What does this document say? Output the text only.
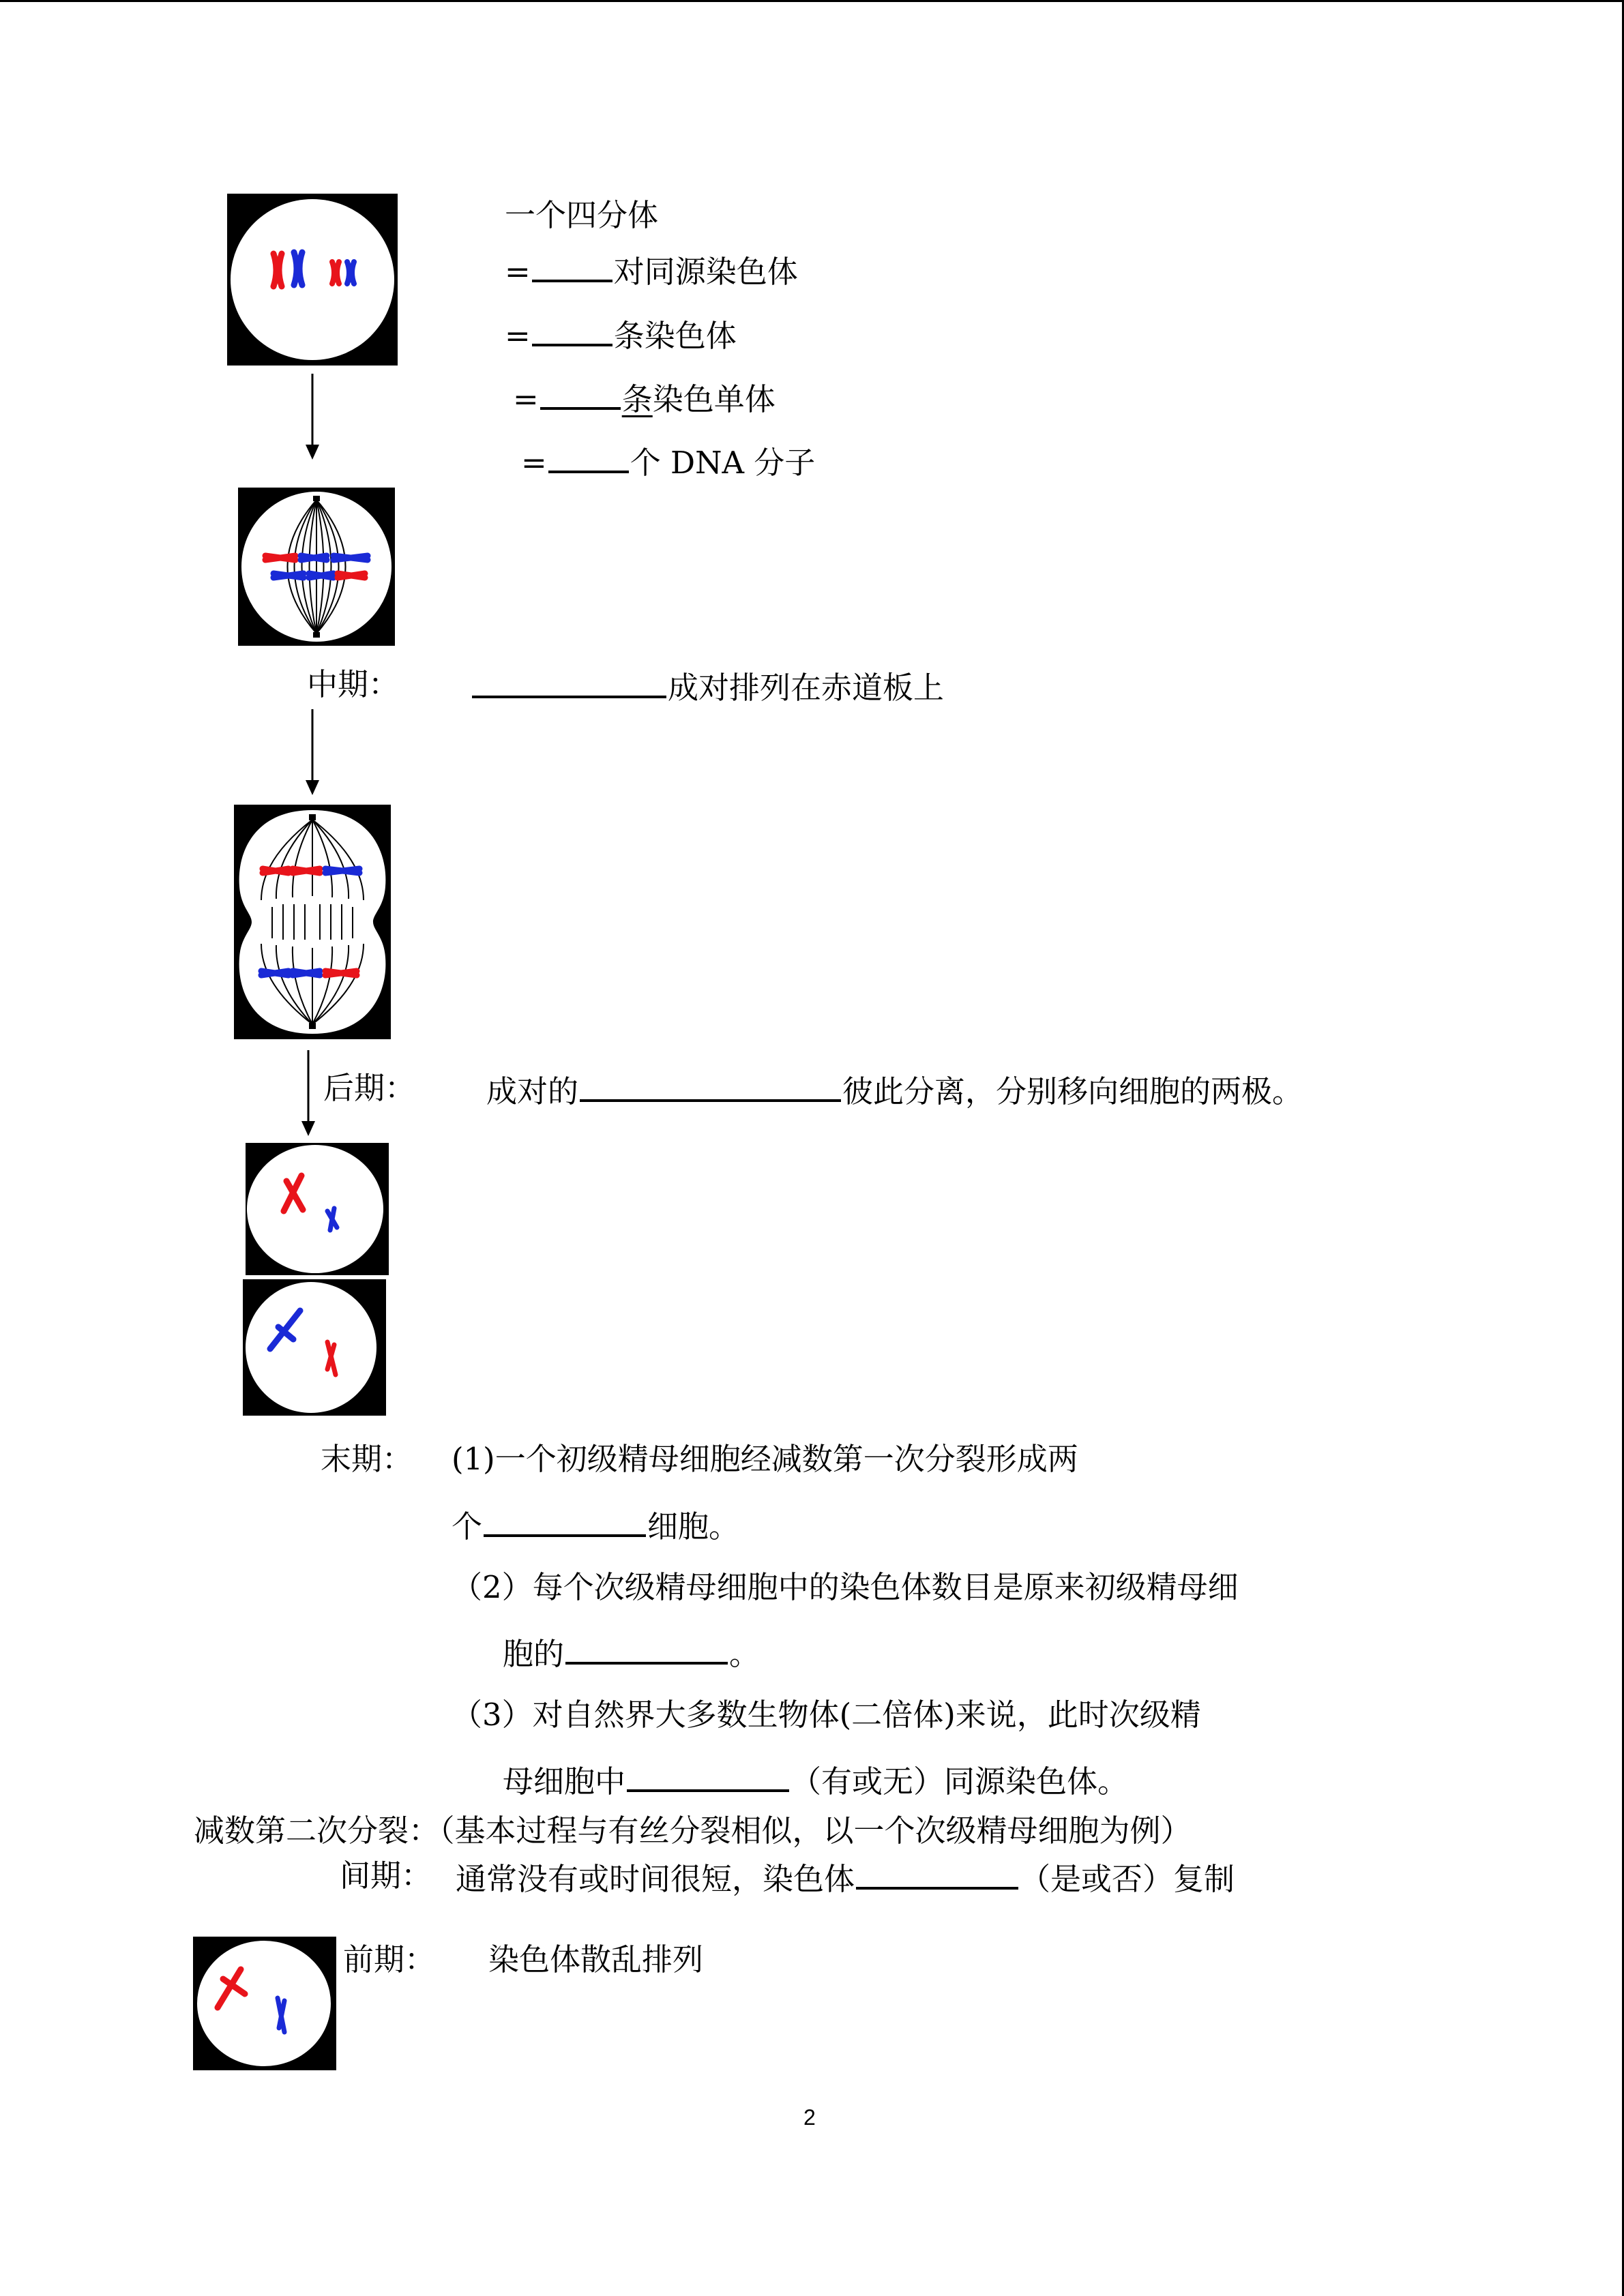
一个四分体
=	对同源染色体
=	条染色体
=	条染色单体
=	个 DNA 分子
中期：	成对排列在赤道板上
后期： 成对的	彼此分离，分别移向细胞的两极。
末期： (1)一个初级精母细胞经减数第一次分裂形成两
个	细胞。
（2）每个次级精母细胞中的染色体数目是原来初级精母细
胞的	。
（3）对自然界大多数生物体(二倍体)来说，此时次级精
母细胞中	（有或无）同源染色体。
减数第二次分裂：（基本过程与有丝分裂相似，以一个次级精母细胞为例）
间期： 通常没有或时间很短，染色体	（是或否）复制
前期： 染色体散乱排列
2
